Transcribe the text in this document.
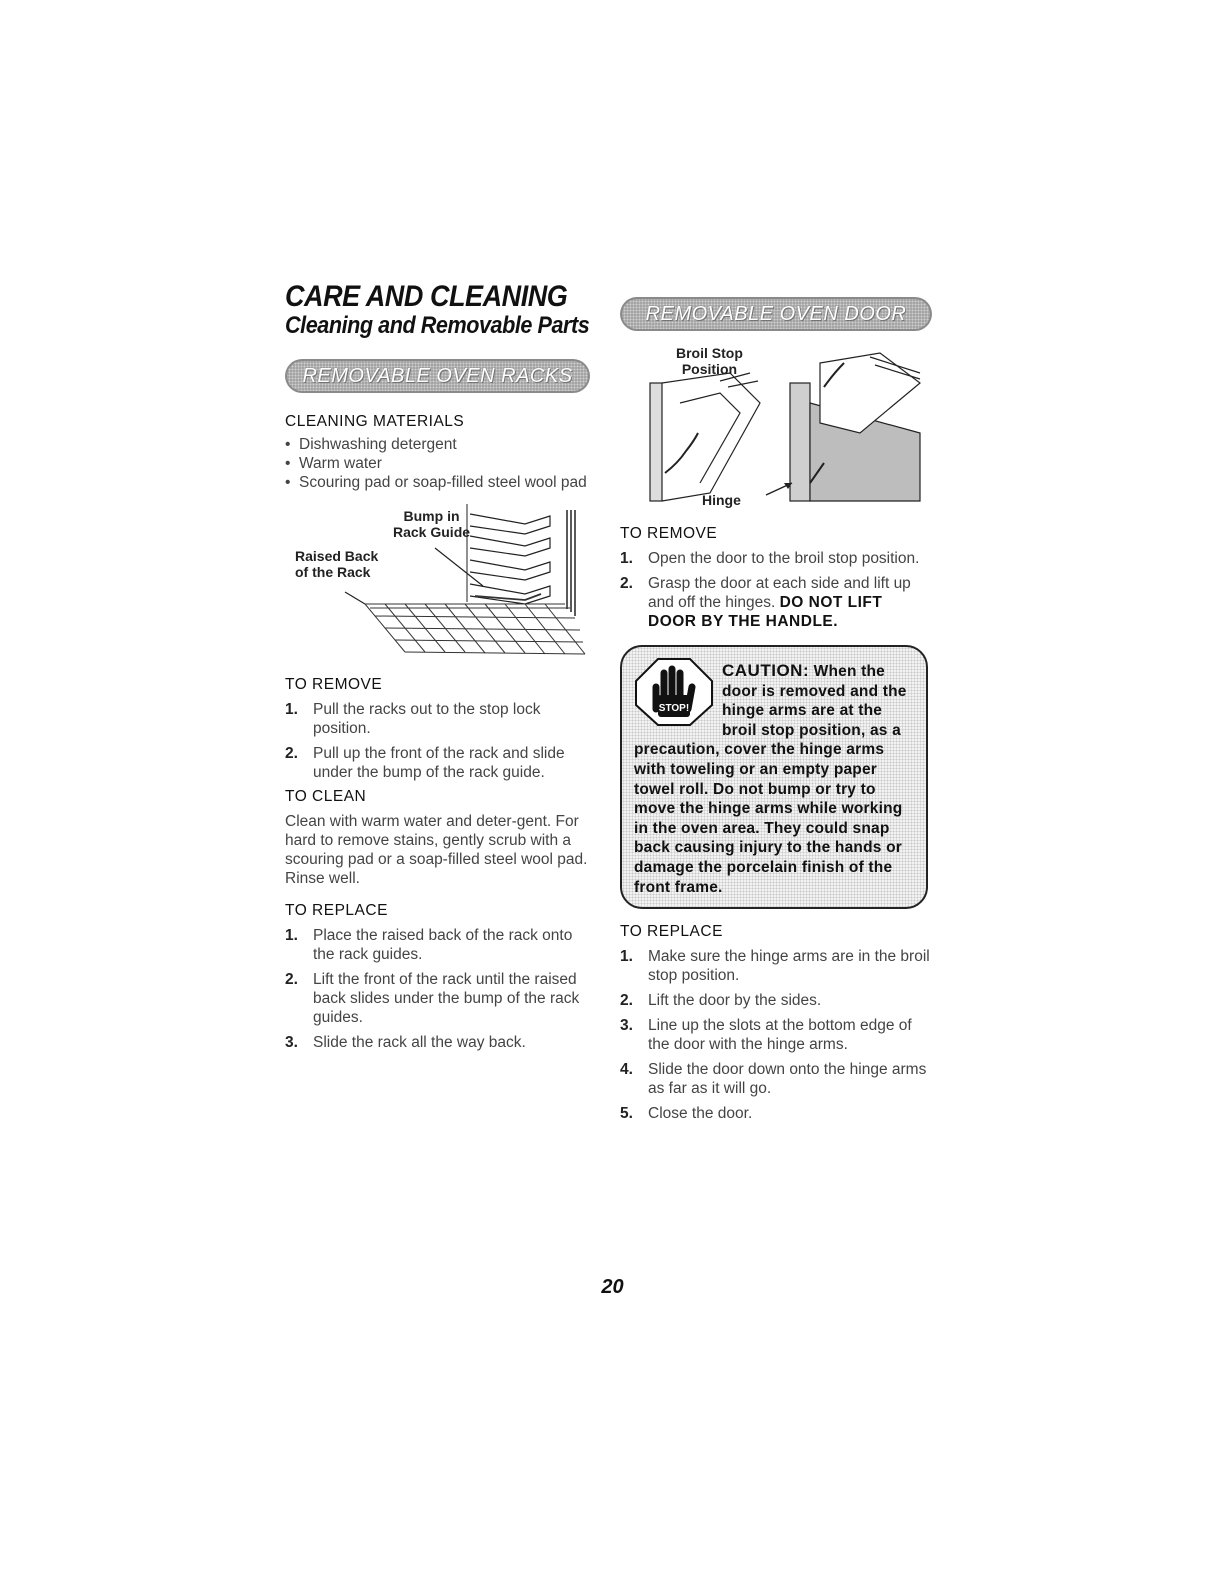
CARE AND CLEANING
Cleaning and Removable Parts
REMOVABLE OVEN RACKS
CLEANING MATERIALS
• Dishwashing detergent
• Warm water
• Scouring pad or soap-filled steel wool pad
Bump in
Rack Guide
Raised Back
of the Rack
TO REMOVE
1. Pull the racks out to the stop lock position.
2. Pull up the front of the rack and slide under the bump of the rack guide.
TO CLEAN

Clean with warm water and deter-gent. For hard to remove stains, gently scrub with a scouring pad or a soap-filled steel wool pad. Rinse well.

TO REPLACE
1. Place the raised back of the rack onto the rack guides.
2. Lift the front of the rack until the raised back slides under the bump of the rack guides.
3. Slide the rack all the way back.
REMOVABLE OVEN DOOR
Broil Stop
Position
Hinge
TO REMOVE
1. Open the door to the broil stop position.
2. Grasp the door at each side and lift up and off the hinges. DO NOT LIFT DOOR BY THE HANDLE.
STOP!
CAUTION: When the door is removed and the hinge arms are at the broil stop position, as a precaution, cover the hinge arms with toweling or an empty paper towel roll. Do not bump or try to move the hinge arms while working in the oven area. They could snap back causing injury to the hands or damage the porcelain finish of the front frame.
TO REPLACE
1. Make sure the hinge arms are in the broil stop position.
2. Lift the door by the sides.
3. Line up the slots at the bottom edge of the door with the hinge arms.
4. Slide the door down onto the hinge arms as far as it will go.
5. Close the door.
20
